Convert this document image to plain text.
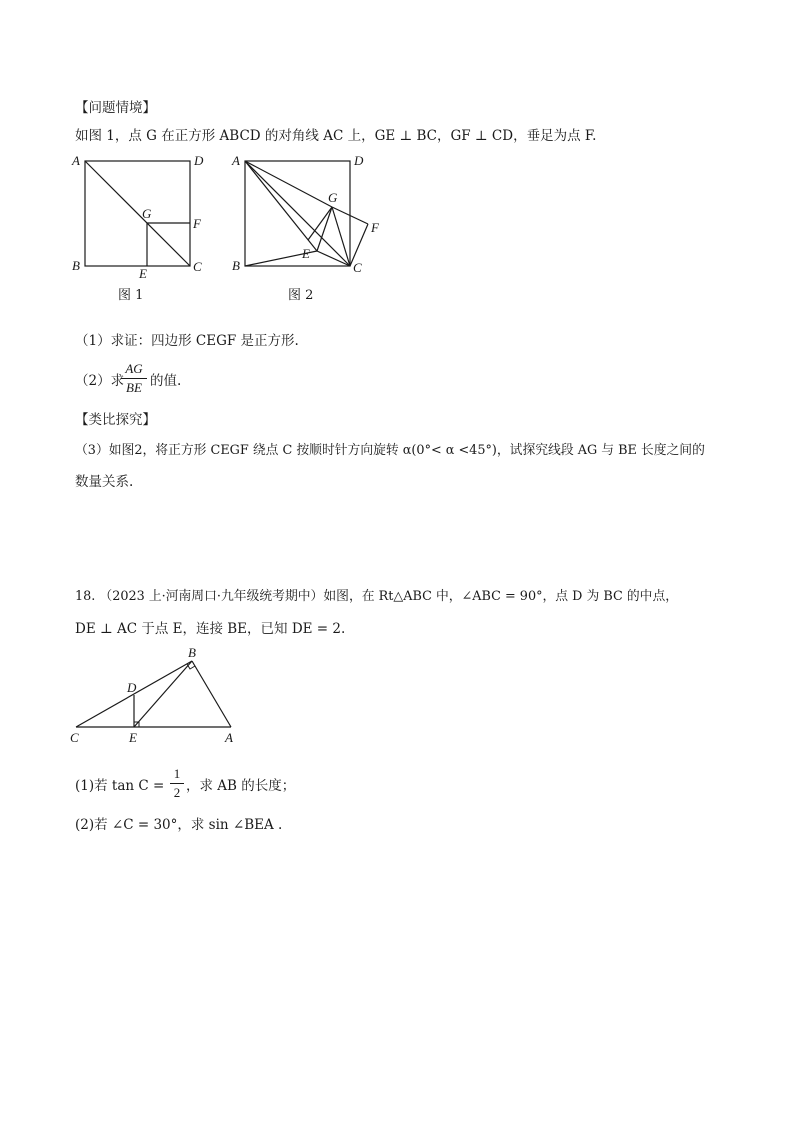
【问题情境】
如图 1，点 G 在正方形 ABCD 的对角线 AC 上，GE ⊥ BC，GF ⊥ CD，垂足为点 F.
A	D
B	C
G
F
E
图 1
A	D
B	C
G
F
E
图 2
（1）求证：四边形 CEGF 是正方形.
（2）求
AG
BE 的值.
【类比探究】
（3）如图2，将正方形 CEGF 绕点 C 按顺时针方向旋转 α(0°< α <45°)，试探究线段 AG 与 BE 长度之间的
数量关系.
18. （2023 上·河南周口·九年级统考期中）如图，在 Rt△ABC 中，∠ABC = 90°，点 D 为 BC 的中点，
DE ⊥ AC 于点 E，连接 BE，已知 DE = 2.
B
D
C	E	A
(1)若 tan C =
1
2 ，求 AB 的长度；
(2)若 ∠C = 30°，求 sin ∠BEA .
